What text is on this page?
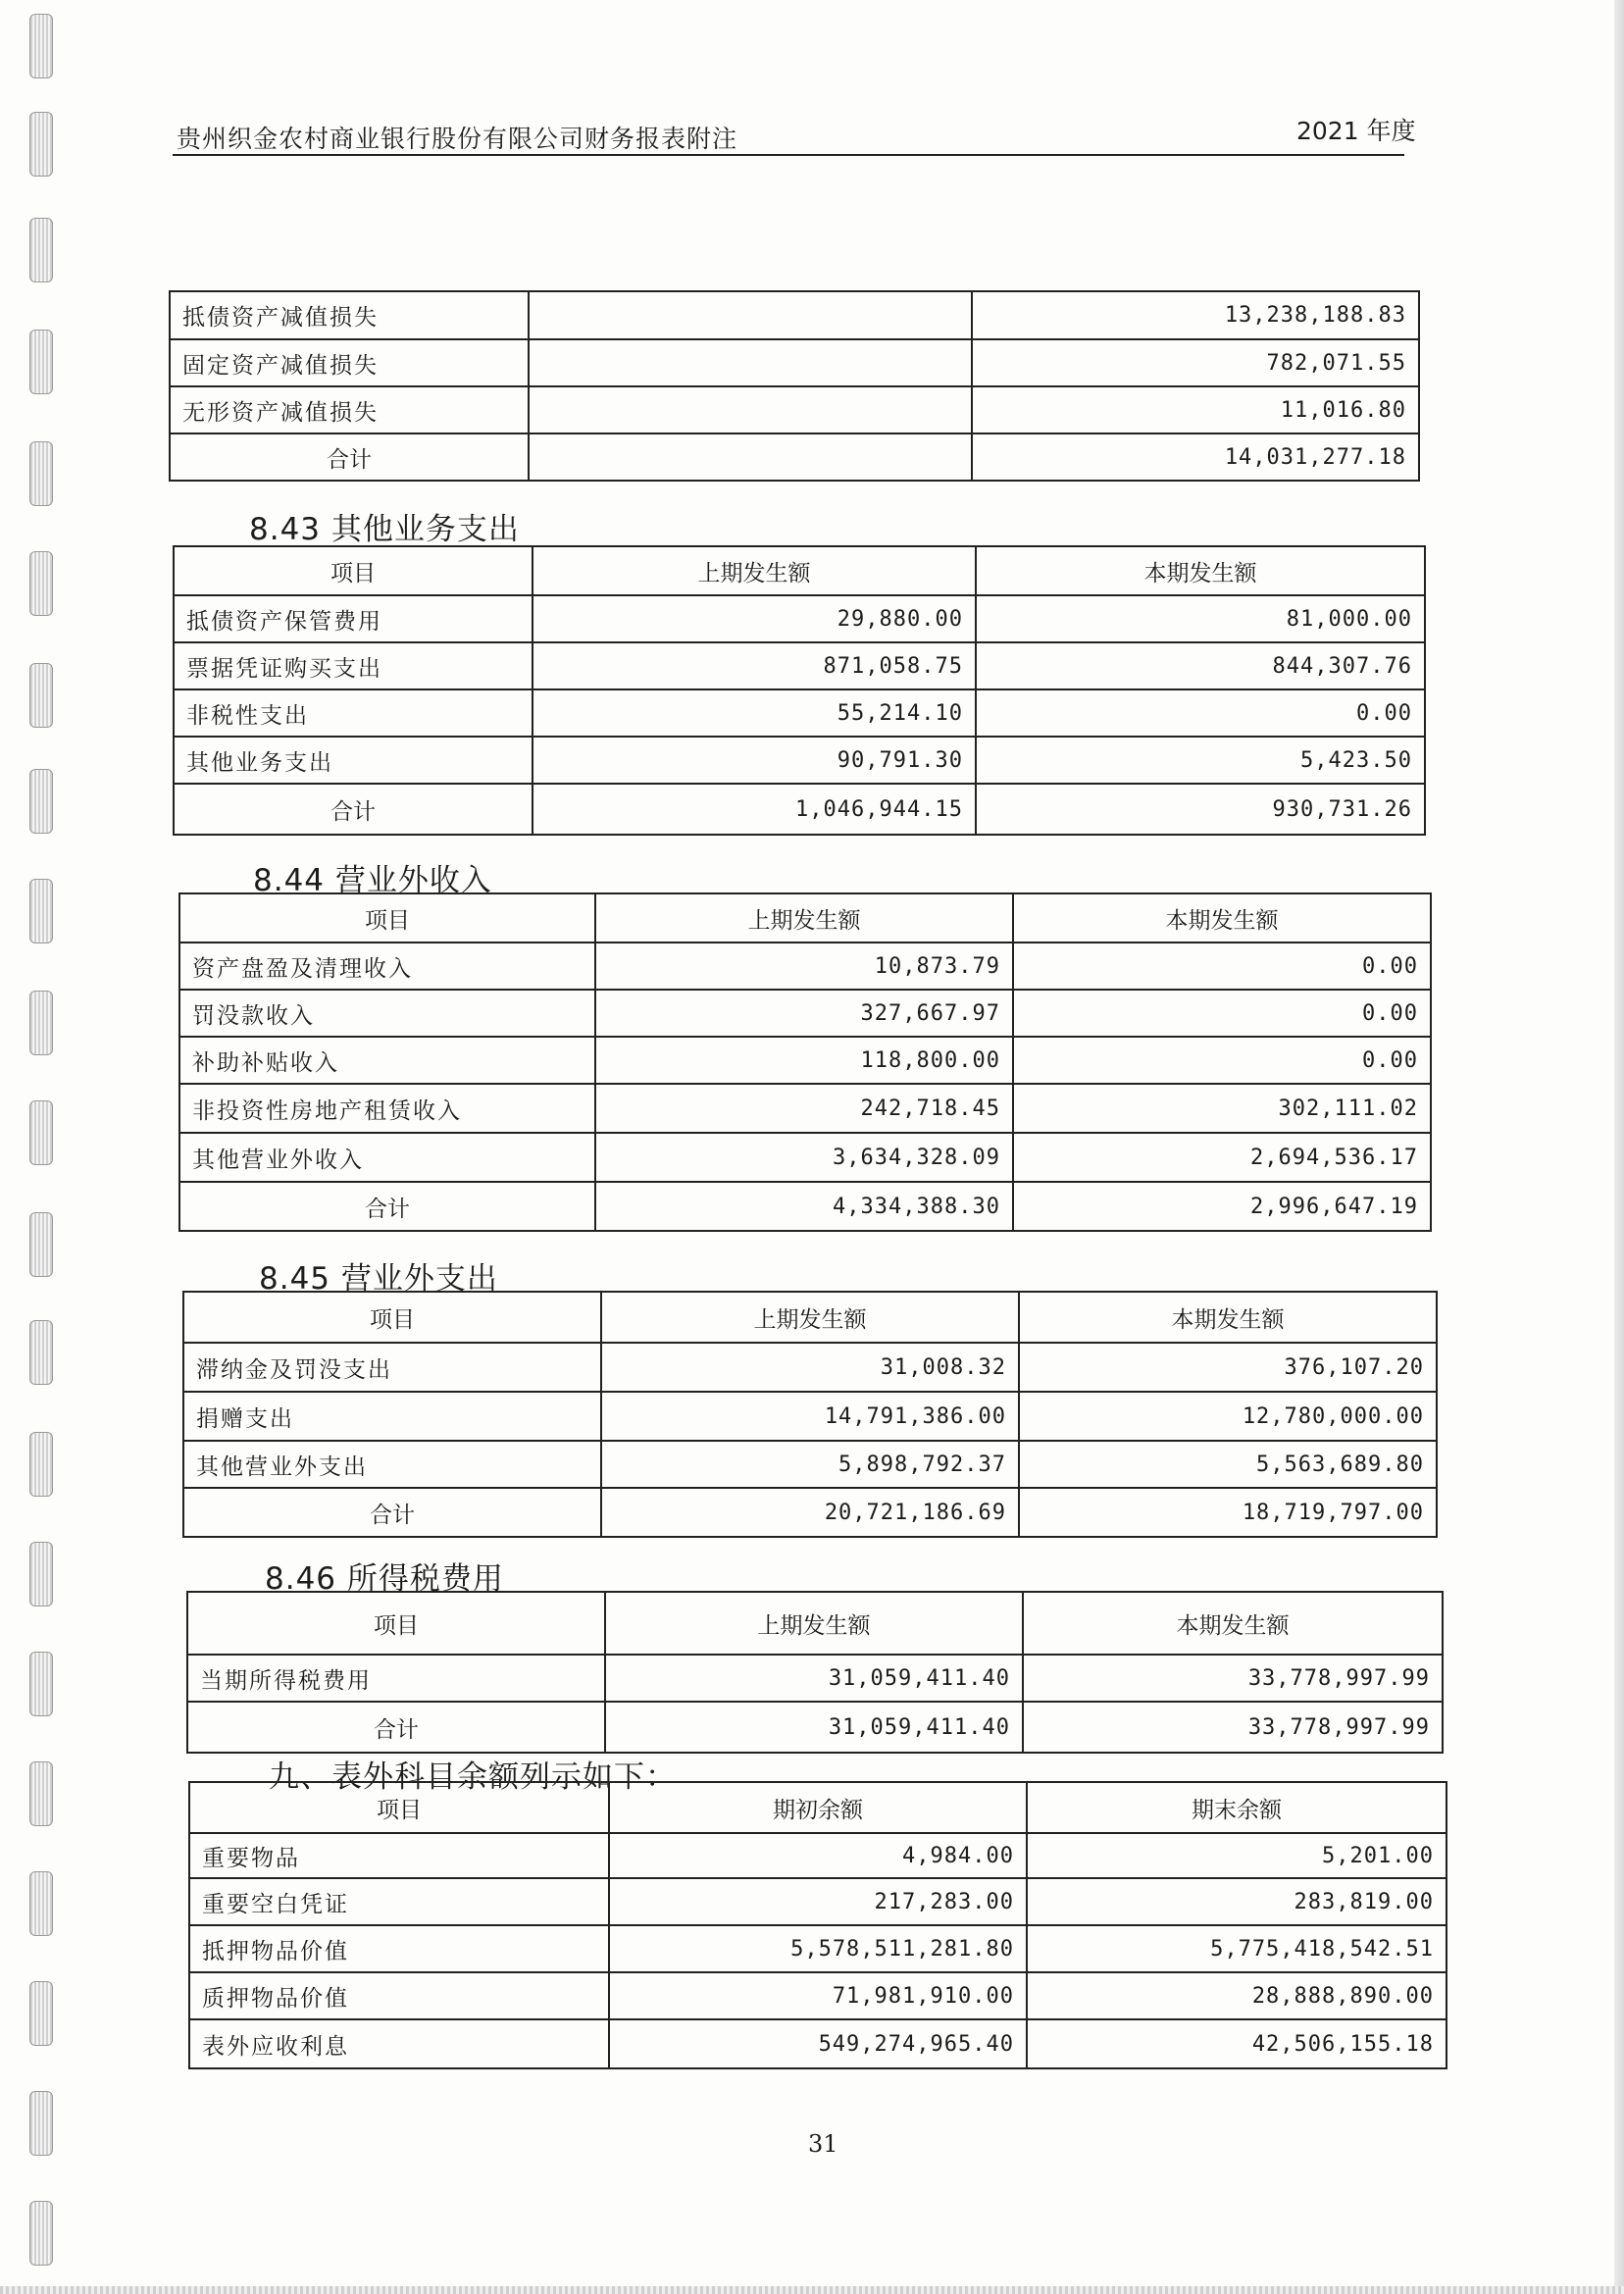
贵州织金农村商业银行股份有限公司财务报表附注	2021 年度
抵债资产减值损失		13,238,188.83
固定资产减值损失		782,071.55
无形资产减值损失		11,016.80
合计		14,031,277.18
8.43 其他业务支出
项目	上期发生额	本期发生额
抵债资产保管费用	29,880.00	81,000.00
票据凭证购买支出	871,058.75	844,307.76
非税性支出	55,214.10	0.00
其他业务支出	90,791.30	5,423.50
合计	1,046,944.15	930,731.26
8.44 营业外收入
项目	上期发生额	本期发生额
资产盘盈及清理收入	10,873.79	0.00
罚没款收入	327,667.97	0.00
补助补贴收入	118,800.00	0.00
非投资性房地产租赁收入	242,718.45	302,111.02
其他营业外收入	3,634,328.09	2,694,536.17
合计	4,334,388.30	2,996,647.19
8.45 营业外支出
项目	上期发生额	本期发生额
滞纳金及罚没支出	31,008.32	376,107.20
捐赠支出	14,791,386.00	12,780,000.00
其他营业外支出	5,898,792.37	5,563,689.80
合计	20,721,186.69	18,719,797.00
8.46 所得税费用
项目	上期发生额	本期发生额
当期所得税费用	31,059,411.40	33,778,997.99
合计	31,059,411.40	33,778,997.99
九、表外科目余额列示如下：
项目	期初余额	期末余额
重要物品	4,984.00	5,201.00
重要空白凭证	217,283.00	283,819.00
抵押物品价值	5,578,511,281.80	5,775,418,542.51
质押物品价值	71,981,910.00	28,888,890.00
表外应收利息	549,274,965.40	42,506,155.18
31
